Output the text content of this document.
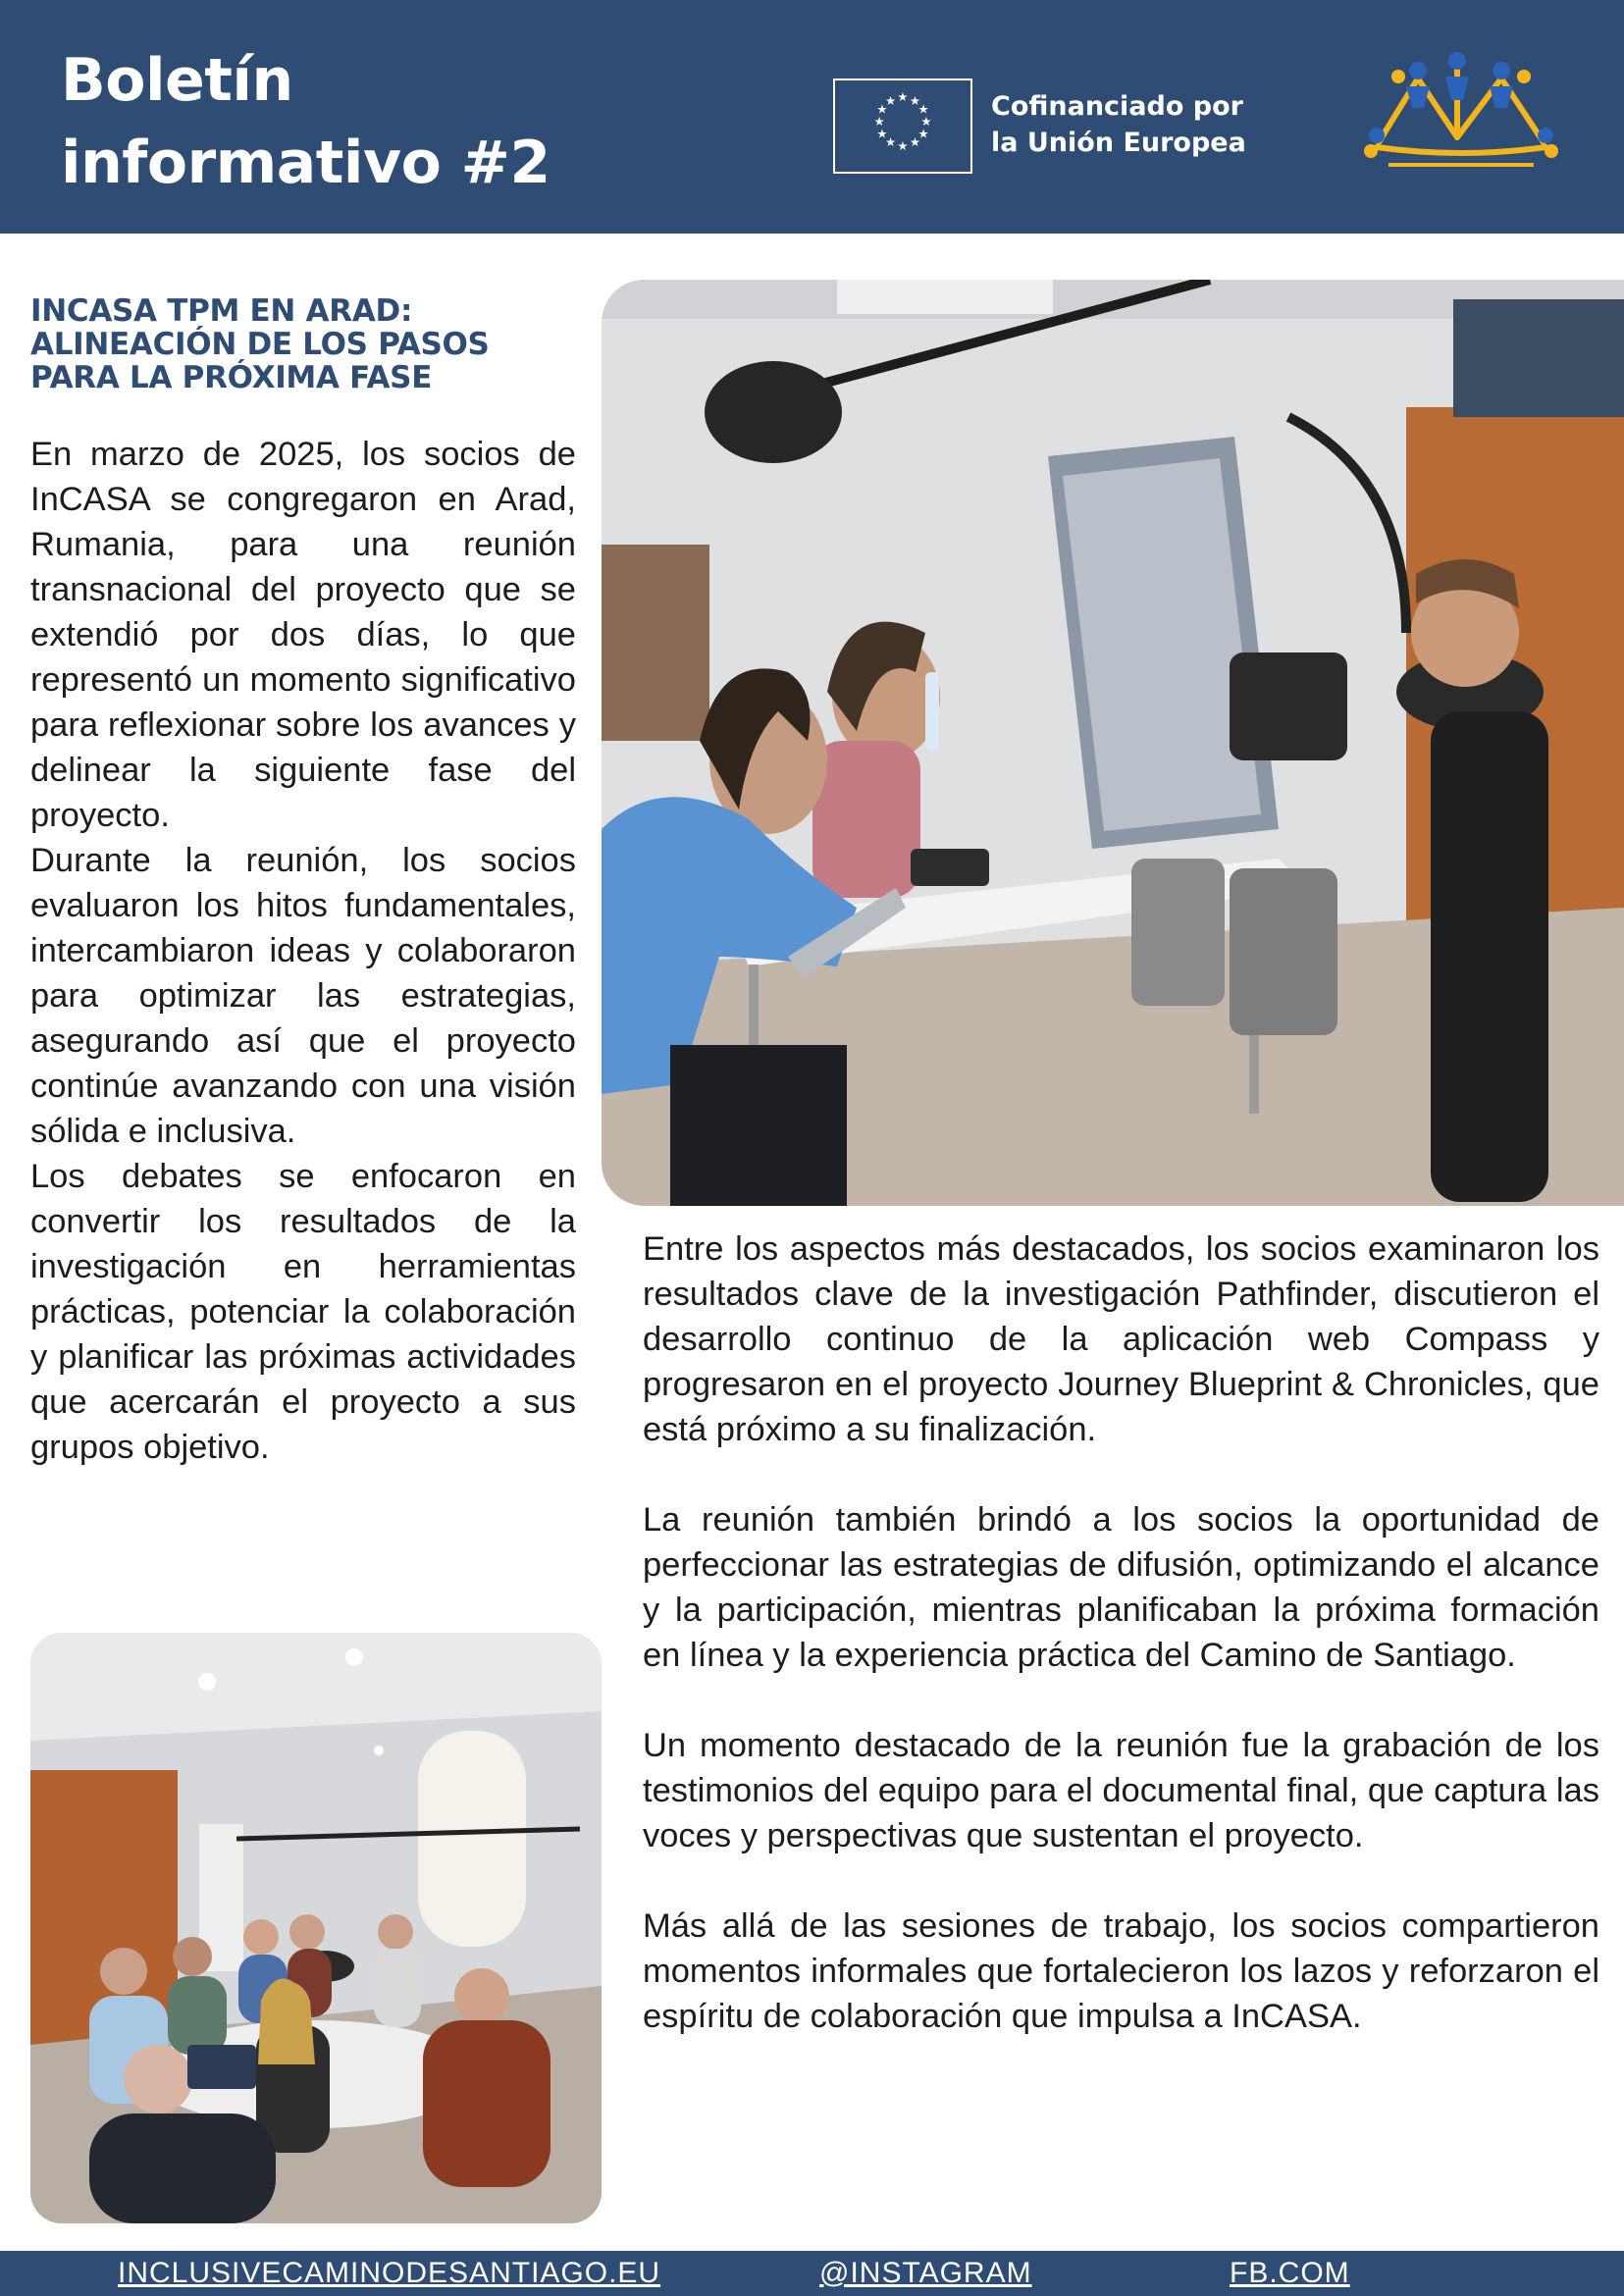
Boletín
informativo #2
★ ★
★
★
★
★
★
★
★
★
★
★	Cofinanciado por
la Unión Europea
INCASA TPM EN ARAD:
ALINEACIÓN DE LOS PASOS
PARA LA PRÓXIMA FASE

En marzo de 2025, los socios de InCASA se congregaron en Arad, Rumania, para una reunión transnacional del proyecto que se extendió por dos días, lo que representó un momento significativo para reflexionar sobre los avances y delinear la siguiente fase del proyecto.

Durante la reunión, los socios evaluaron los hitos fundamentales, intercambiaron ideas y colaboraron para optimizar las estrategias, asegurando así que el proyecto continúe avanzando con una visión sólida e inclusiva.

Los debates se enfocaron en convertir los resultados de la investigación en herramientas prácticas, potenciar la colaboración y planificar las próximas actividades que acercarán el proyecto a sus grupos objetivo.

Entre los aspectos más destacados, los socios examinaron los resultados clave de la investigación Pathfinder, discutieron el desarrollo continuo de la aplicación web Compass y progresaron en el proyecto Journey Blueprint & Chronicles, que está próximo a su finalización.

La reunión también brindó a los socios la oportunidad de perfeccionar las estrategias de difusión, optimizando el alcance y la participación, mientras planificaban la próxima formación en línea y la experiencia práctica del Camino de Santiago.

Un momento destacado de la reunión fue la grabación de los testimonios del equipo para el documental final, que captura las voces y perspectivas que sustentan el proyecto.

Más allá de las sesiones de trabajo, los socios compartieron momentos informales que fortalecieron los lazos y reforzaron el espíritu de colaboración que impulsa a InCASA.

INCLUSIVECAMINODESANTIAGO.EU	@INSTAGRAM	FB.COM
